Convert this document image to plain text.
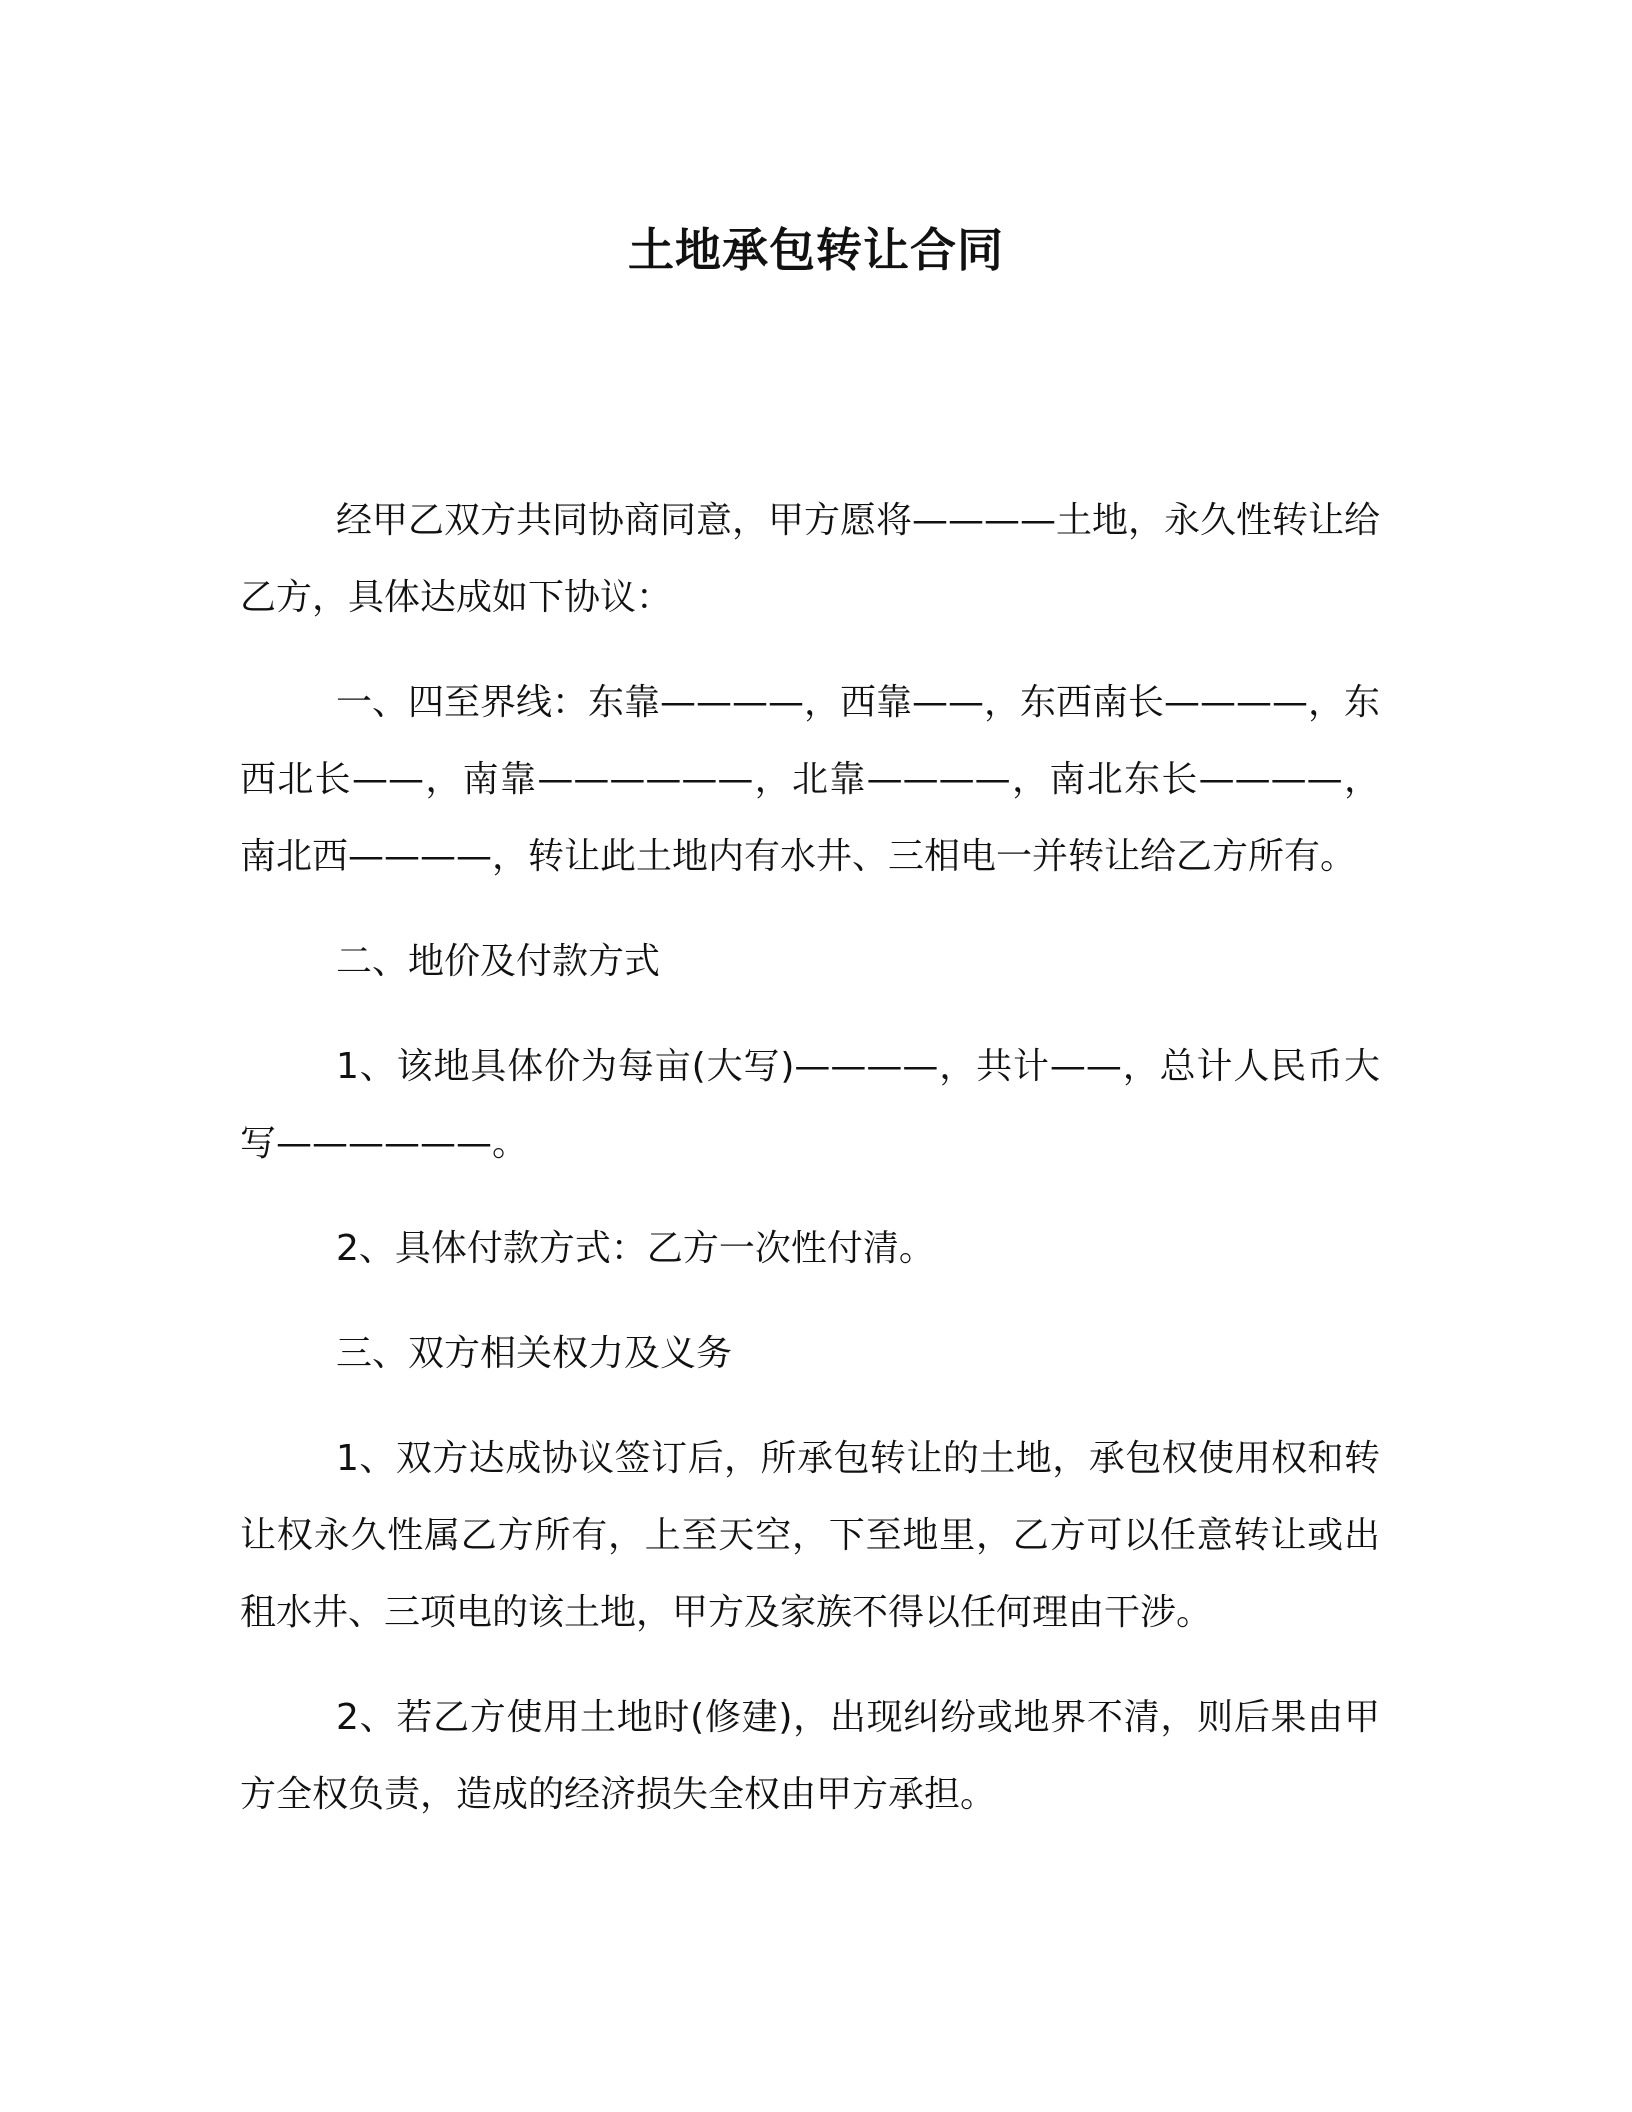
土地承包转让合同

经甲乙双方共同协商同意，甲方愿将————土地，永久性转让给乙方，具体达成如下协议：

一、四至界线：东靠————，西靠——，东西南长————，东西北长——，南靠——————，北靠————，南北东长————，南北西————，转让此土地内有水井、三相电一并转让给乙方所有。

二、地价及付款方式

1、该地具体价为每亩(大写)————，共计——，总计人民币大写——————。

2、具体付款方式：乙方一次性付清。

三、双方相关权力及义务

1、双方达成协议签订后，所承包转让的土地，承包权使用权和转让权永久性属乙方所有，上至天空，下至地里，乙方可以任意转让或出租水井、三项电的该土地，甲方及家族不得以任何理由干涉。

2、若乙方使用土地时(修建)，出现纠纷或地界不清，则后果由甲方全权负责，造成的经济损失全权由甲方承担。
